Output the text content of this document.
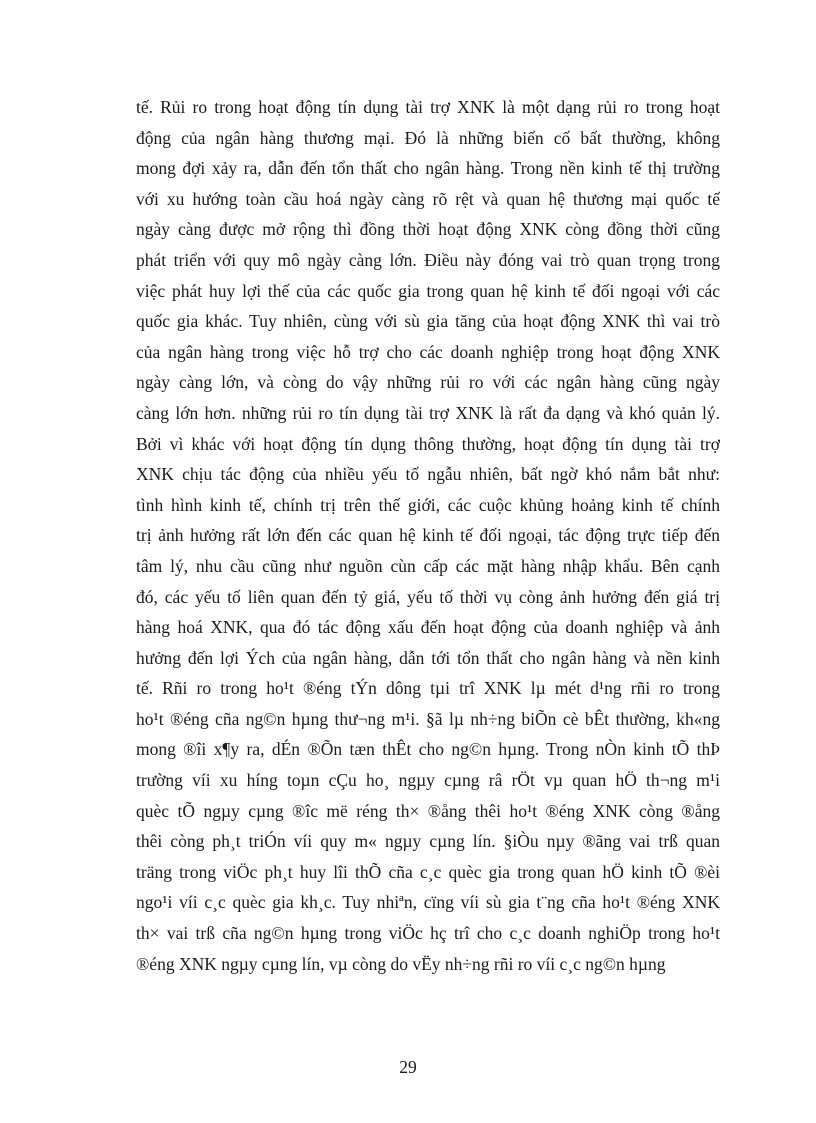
tế. Rủi ro trong hoạt động tín dụng tài trợ XNK là một dạng rủi ro trong hoạt
động của ngân hàng thương mại. Đó là những biến cố bất thường, không
mong đợi xảy ra, dẫn đến tổn thất cho ngân hàng. Trong nền kinh tế thị trường
với xu hướng toàn cầu hoá ngày càng rõ rệt và quan hệ thương mại quốc tế
ngày càng được mở rộng thì đồng thời hoạt động XNK còng đồng thời cũng
phát triển với quy mô ngày càng lớn. Điều này đóng vai trò quan trọng trong
việc phát huy lợi thế của các quốc gia trong quan hệ kinh tế đối ngoại với các
quốc gia khác. Tuy nhiên, cùng với sù gia tăng của hoạt động XNK thì vai trò
của ngân hàng trong việc hỗ trợ cho các doanh nghiệp trong hoạt động XNK
ngày càng lớn, và còng do vậy những rủi ro với các ngân hàng cũng ngày
càng lớn hơn. những rủi ro tín dụng tài trợ XNK là rất đa dạng và khó quản lý.
Bởi vì khác với hoạt động tín dụng thông thường, hoạt động tín dụng tài trợ
XNK chịu tác động của nhiều yếu tố ngẫu nhiên, bất ngờ khó nắm bắt như:
tình hình kinh tế, chính trị trên thế giới, các cuộc khủng hoảng kinh tế chính
trị ảnh hưởng rất lớn đến các quan hệ kinh tế đối ngoại, tác động trực tiếp đến
tâm lý, nhu cầu cũng như nguồn cùn cấp các mặt hàng nhập khẩu. Bên cạnh
đó, các yếu tố liên quan đến tỷ giá, yếu tố thời vụ còng ảnh hưởng đến giá trị
hàng hoá XNK, qua đó tác động xấu đến hoạt động của doanh nghiệp và ảnh
hưởng đến lợi Ých của ngân hàng, dẫn tới tổn thất cho ngân hàng và nền kinh
tế. Rñi ro trong ho¹t ®éng tÝn dông tµi trî XNK lµ mét d¹ng rñi ro trong
ho¹t ®éng cña ng©n hµng thư¬ng m¹i. §ã lµ nh÷ng biÕn cè bÊt thường, kh«ng
mong ®îi x¶y ra, dÉn ®Õn tæn thÊt cho ng©n hµng. Trong nÒn kinh tÕ thÞ
trường víi xu híng toµn cÇu ho¸ ngµy cµng râ rÖt vµ quan hÖ th¬ng m¹i
quèc tÕ ngµy cµng ®îc më réng th× ®ång thêi ho¹t ®éng XNK còng ®ång
thêi còng ph¸t triÓn víi quy m« ngµy cµng lín. §iÒu nµy ®ãng vai trß quan
träng trong viÖc ph¸t huy lîi thÕ cña c¸c quèc gia trong quan hÖ kinh tÕ ®èi
ngo¹i víi c¸c quèc gia kh¸c. Tuy nhiªn, cïng víi sù gia t¨ng cña ho¹t ®éng XNK
th× vai trß cña ng©n hµng trong viÖc hç trî cho c¸c doanh nghiÖp trong ho¹t
®éng XNK ngµy cµng lín, vµ còng do vËy nh÷ng rñi ro víi c¸c ng©n hµng
29
